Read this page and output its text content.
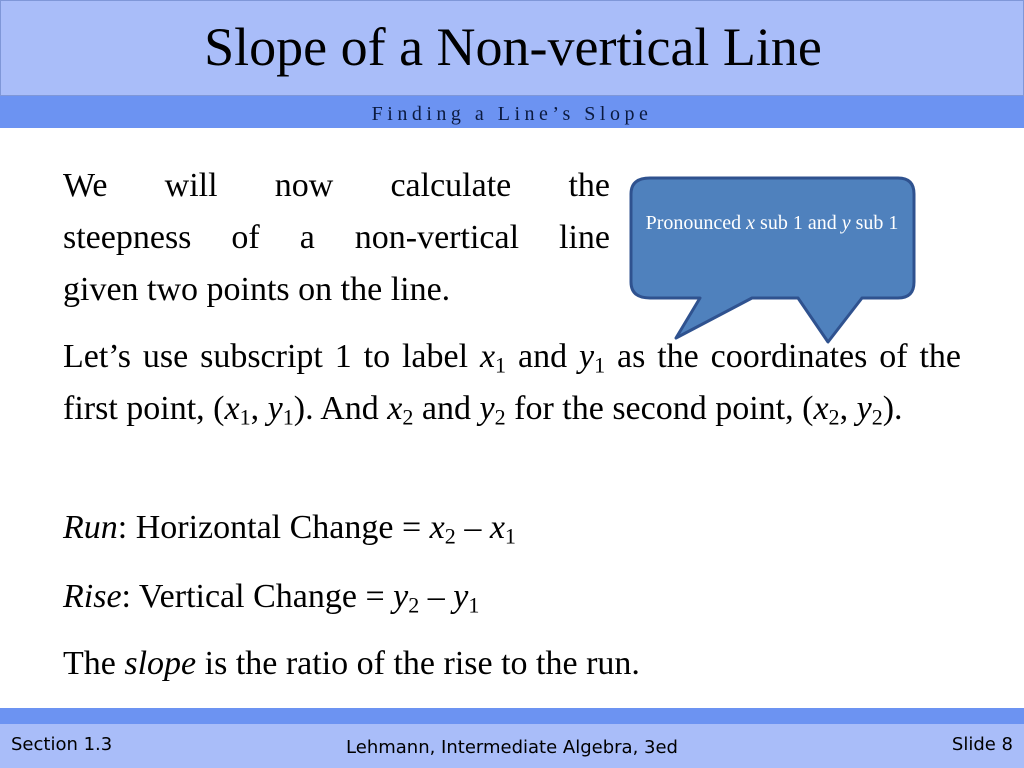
Slope of a Non-vertical Line
Finding a Line’s Slope
Pronounced x sub 1 and y sub 1
We will now calculate the
steepness of a non-vertical line
given two points on the line.
Let’s use subscript 1 to label $x_1$ and $y_1$ as the coordinates of the first point, ($x_1$, $y_1$). And $x_2$ and $y_2$ for the second point, ($x_2$, $y_2$).
Run: Horizontal Change = $x_2 - x_1$
Rise: Vertical Change = $y_2 - y_1$
The slope is the ratio of the rise to the run.
Section 1.3	Lehmann, Intermediate Algebra, 3ed	Slide 8
